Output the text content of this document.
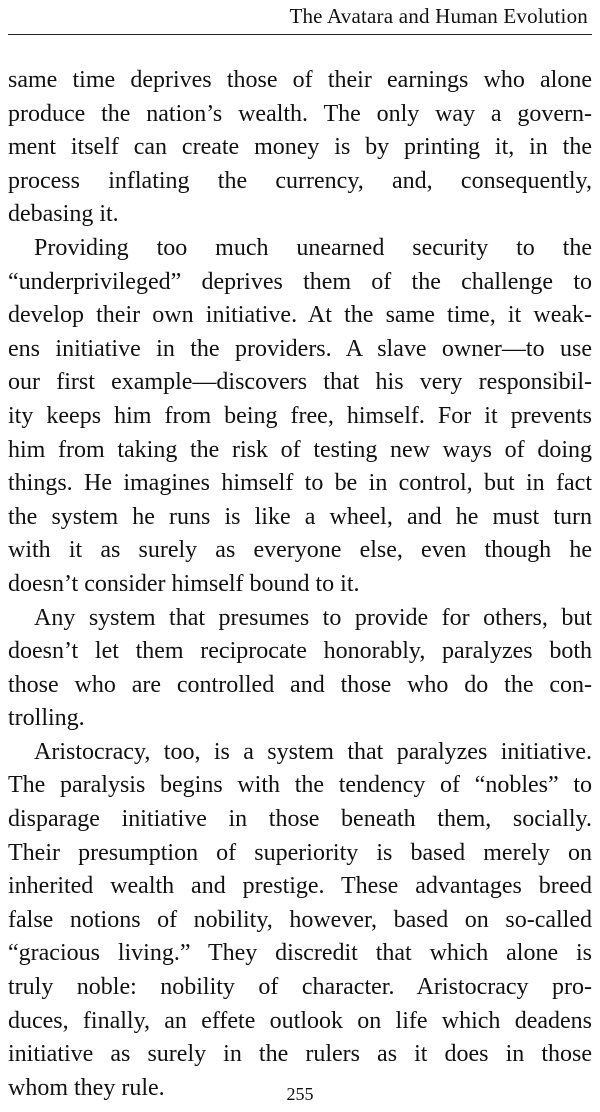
The Avatara and Human Evolution
same time deprives those of their earnings who alone
produce the nation’s wealth. The only way a govern-
ment itself can create money is by printing it, in the
process inflating the currency, and, consequently,
debasing it.
Providing too much unearned security to the
“underprivileged” deprives them of the challenge to
develop their own initiative. At the same time, it weak-
ens initiative in the providers. A slave owner—to use
our first example—discovers that his very responsibil-
ity keeps him from being free, himself. For it prevents
him from taking the risk of testing new ways of doing
things. He imagines himself to be in control, but in fact
the system he runs is like a wheel, and he must turn
with it as surely as everyone else, even though he
doesn’t consider himself bound to it.
Any system that presumes to provide for others, but
doesn’t let them reciprocate honorably, paralyzes both
those who are controlled and those who do the con-
trolling.
Aristocracy, too, is a system that paralyzes initiative.
The paralysis begins with the tendency of “nobles” to
disparage initiative in those beneath them, socially.
Their presumption of superiority is based merely on
inherited wealth and prestige. These advantages breed
false notions of nobility, however, based on so-called
“gracious living.” They discredit that which alone is
truly noble: nobility of character. Aristocracy pro-
duces, finally, an effete outlook on life which deadens
initiative as surely in the rulers as it does in those
whom they rule.	255
